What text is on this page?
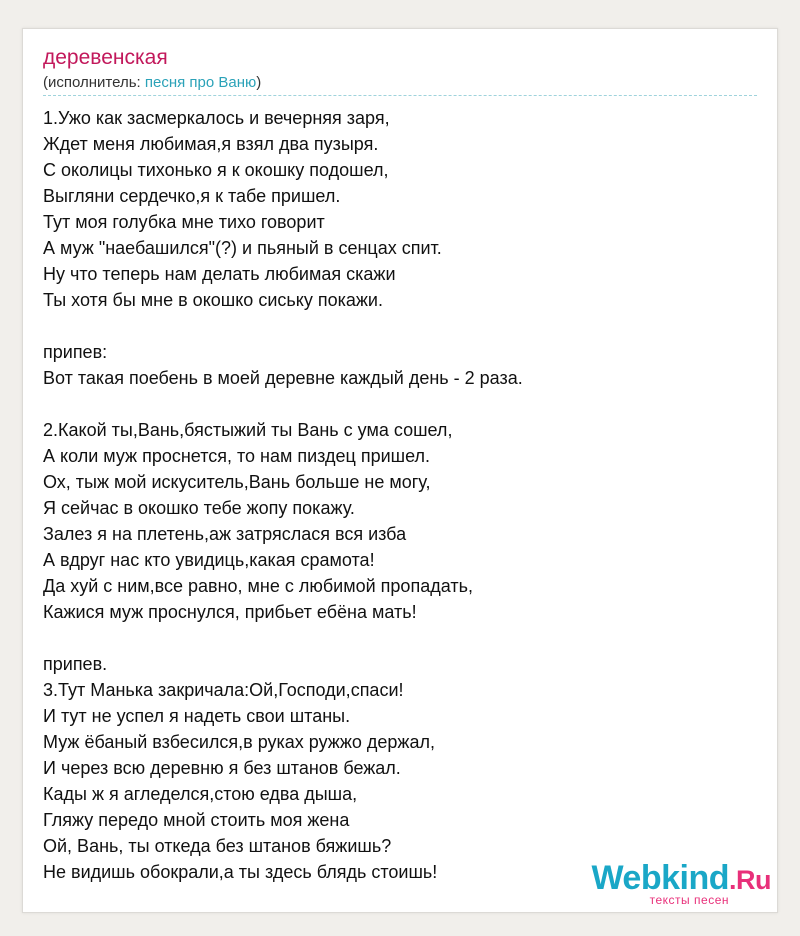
деревенская
(исполнитель: песня про Ваню)
1.Ужо как засмеркалось и вечерняя заря,
Ждет меня любимая,я взял два пузыря.
С околицы тихонько я к окошку подошел,
Выгляни сердечко,я к табе пришел.
Тут моя голубка мне тихо говорит
А муж "наебашился"(?) и пьяный в сенцах спит.
Ну что теперь нам делать любимая скажи
Ты хотя бы мне в окошко сиську покажи.
припев:
Вот такая поебень в моей деревне каждый день - 2 раза.
2.Какой ты,Вань,бястыжий ты Вань с ума сошел,
А коли муж проснется, то нам пиздец пришел.
Ох, тыж мой искуситель,Вань больше не могу,
Я сейчас в окошко тебе жопу покажу.
Залез я на плетень,аж затряслася вся изба
А вдруг нас кто увидиць,какая срамота!
Да хуй с ним,все равно, мне с любимой пропадать,
Кажися муж проснулся, прибьет ебёна мать!
припев.
3.Тут Манька закричала:Ой,Господи,спаси!
И тут не успел я надеть свои штаны.
Муж ёбаный взбесился,в руках ружжо держал,
И через всю деревню я без штанов бежал.
Кады ж я агледелся,стою едва дыша,
Гляжу передо мной стоить моя жена
Ой, Вань, ты откеда без штанов бяжишь?
Не видишь обокрали,а ты здесь блядь стоишь!	Webkind.Ru
тексты песен
